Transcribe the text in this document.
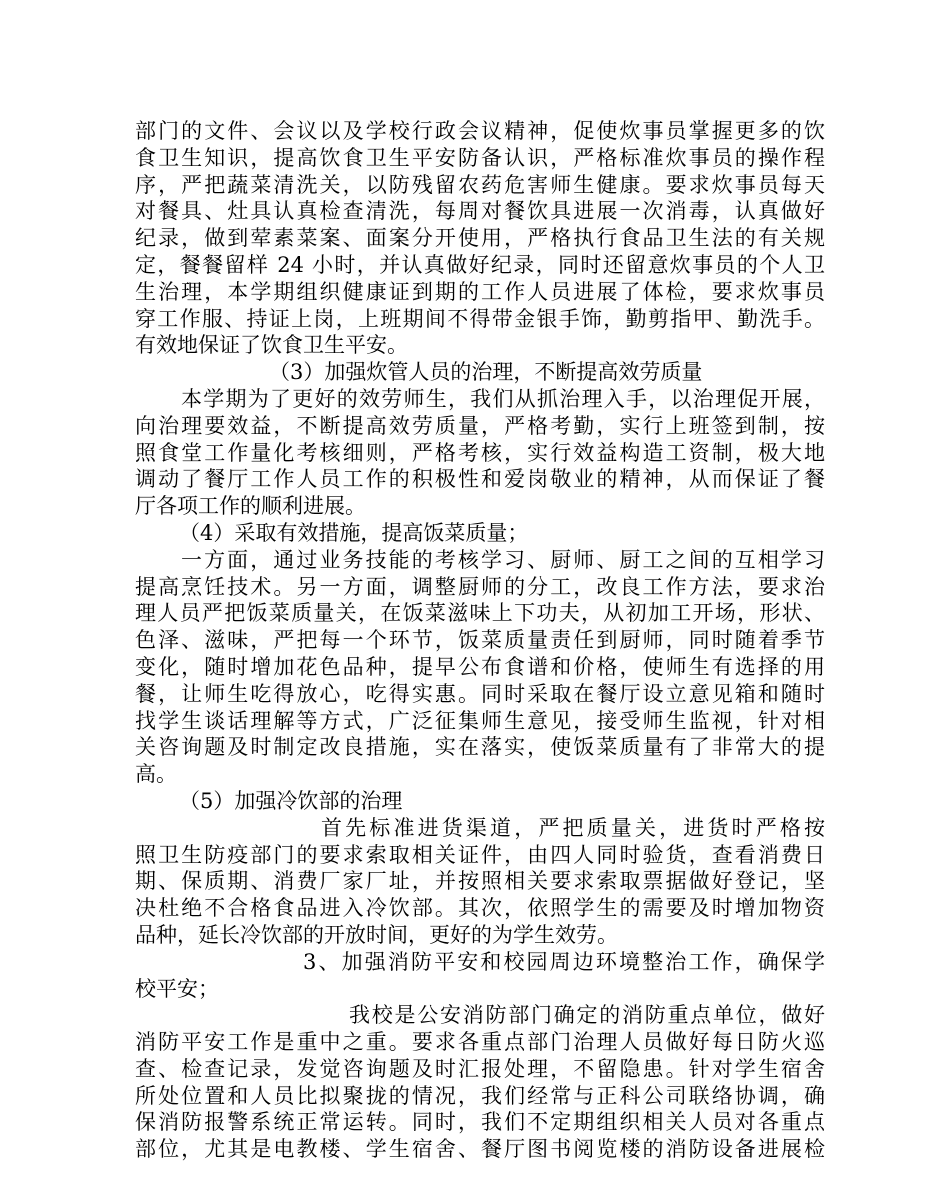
部门的文件、会议以及学校行政会议精神，促使炊事员掌握更多的饮
食卫生知识，提高饮食卫生平安防备认识，严格标准炊事员的操作程
序，严把蔬菜清洗关，以防残留农药危害师生健康。要求炊事员每天
对餐具、灶具认真检查清洗，每周对餐饮具进展一次消毒，认真做好
纪录，做到荤素菜案、面案分开使用，严格执行食品卫生法的有关规
定，餐餐留样 24 小时，并认真做好纪录，同时还留意炊事员的个人卫
生治理，本学期组织健康证到期的工作人员进展了体检，要求炊事员
穿工作服、持证上岗，上班期间不得带金银手饰，勤剪指甲、勤洗手。
有效地保证了饮食卫生平安。
（3）加强炊管人员的治理，不断提高效劳质量
本学期为了更好的效劳师生，我们从抓治理入手，以治理促开展，
向治理要效益，不断提高效劳质量，严格考勤，实行上班签到制，按
照食堂工作量化考核细则，严格考核，实行效益构造工资制，极大地
调动了餐厅工作人员工作的积极性和爱岗敬业的精神，从而保证了餐
厅各项工作的顺利进展。
（4）采取有效措施，提高饭菜质量；
一方面，通过业务技能的考核学习、厨师、厨工之间的互相学习
提高烹饪技术。另一方面，调整厨师的分工，改良工作方法，要求治
理人员严把饭菜质量关，在饭菜滋味上下功夫，从初加工开场，形状、
色泽、滋味，严把每一个环节，饭菜质量责任到厨师，同时随着季节
变化，随时增加花色品种，提早公布食谱和价格，使师生有选择的用
餐，让师生吃得放心，吃得实惠。同时采取在餐厅设立意见箱和随时
找学生谈话理解等方式，广泛征集师生意见，接受师生监视，针对相
关咨询题及时制定改良措施，实在落实，使饭菜质量有了非常大的提
高。
（5）加强冷饮部的治理
首先标准进货渠道，严把质量关，进货时严格按
照卫生防疫部门的要求索取相关证件，由四人同时验货，查看消费日
期、保质期、消费厂家厂址，并按照相关要求索取票据做好登记，坚
决杜绝不合格食品进入冷饮部。其次，依照学生的需要及时增加物资
品种，延长冷饮部的开放时间，更好的为学生效劳。
3、加强消防平安和校园周边环境整治工作，确保学
校平安；
我校是公安消防部门确定的消防重点单位，做好
消防平安工作是重中之重。要求各重点部门治理人员做好每日防火巡
查、检查记录，发觉咨询题及时汇报处理，不留隐患。针对学生宿舍
所处位置和人员比拟聚拢的情况，我们经常与正科公司联络协调，确
保消防报警系统正常运转。同时，我们不定期组织相关人员对各重点
部位，尤其是电教楼、学生宿舍、餐厅图书阅览楼的消防设备进展检
